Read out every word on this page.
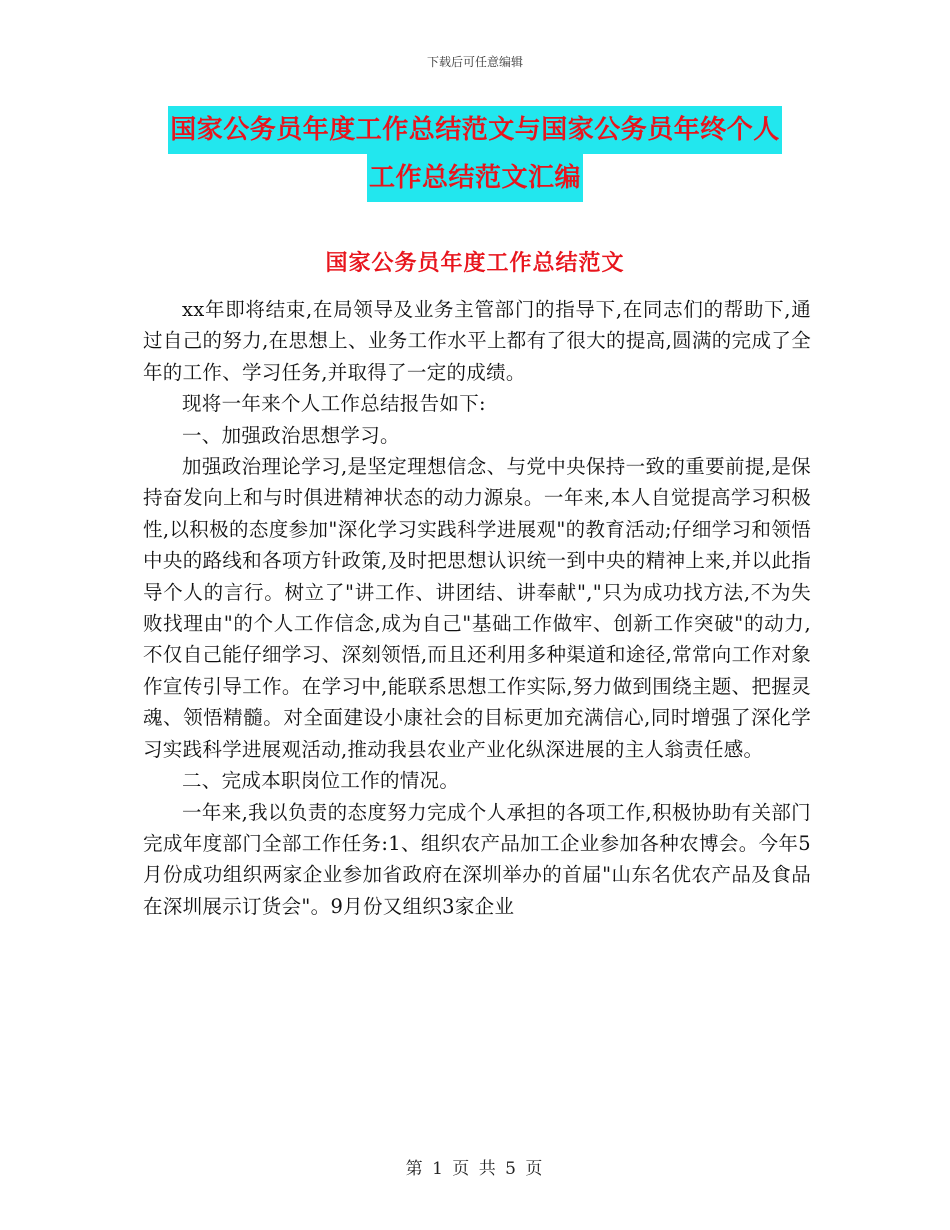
下载后可任意编辑
国家公务员年度工作总结范文与国家公务员年终个人
工作总结范文汇编
国家公务员年度工作总结范文

xx年即将结束,在局领导及业务主管部门的指导下,在同志们的帮助下,通过自己的努力,在思想上、业务工作水平上都有了很大的提高,圆满的完成了全年的工作、学习任务,并取得了一定的成绩。

现将一年来个人工作总结报告如下:

一、加强政治思想学习。

加强政治理论学习,是坚定理想信念、与党中央保持一致的重要前提,是保持奋发向上和与时俱进精神状态的动力源泉。一年来,本人自觉提高学习积极性,以积极的态度参加"深化学习实践科学进展观"的教育活动;仔细学习和领悟中央的路线和各项方针政策,及时把思想认识统一到中央的精神上来,并以此指导个人的言行。树立了"讲工作、讲团结、讲奉献","只为成功找方法,不为失败找理由"的个人工作信念,成为自己"基础工作做牢、创新工作突破"的动力,不仅自己能仔细学习、深刻领悟,而且还利用多种渠道和途径,常常向工作对象作宣传引导工作。在学习中,能联系思想工作实际,努力做到围绕主题、把握灵魂、领悟精髓。对全面建设小康社会的目标更加充满信心,同时增强了深化学习实践科学进展观活动,推动我县农业产业化纵深进展的主人翁责任感。

二、完成本职岗位工作的情况。

一年来,我以负责的态度努力完成个人承担的各项工作,积极协助有关部门完成年度部门全部工作任务:1、组织农产品加工企业参加各种农博会。今年5月份成功组织两家企业参加省政府在深圳举办的首届"山东名优农产品及食品在深圳展示订货会"。9月份又组织3家企业

第 1 页 共 5 页
